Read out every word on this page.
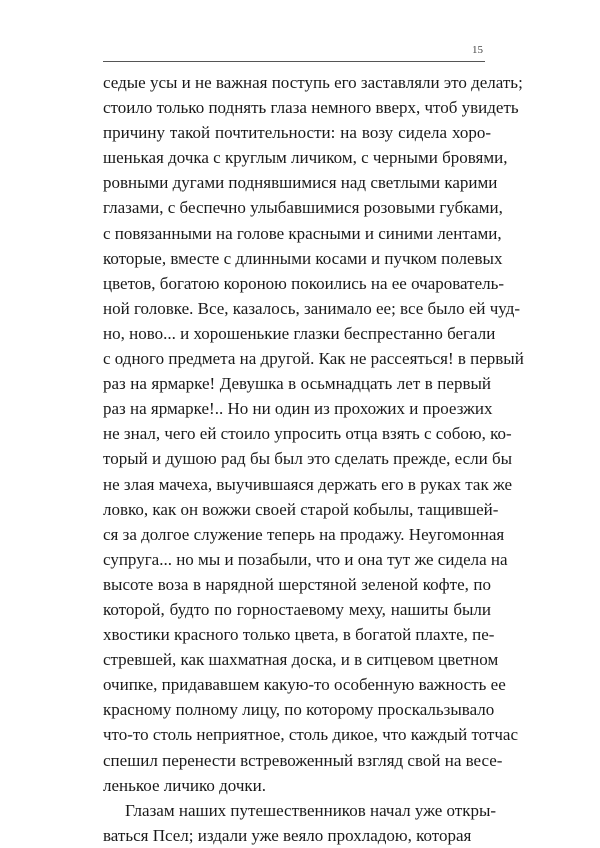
15
седые усы и не важная поступь его заставляли это делать;
стоило только поднять глаза немного вверх, чтоб увидеть
причину такой почтительности: на возу сидела хоро-
шенькая дочка с круглым личиком, с черными бровями,
ровными дугами поднявшимися над светлыми карими
глазами, с беспечно улыбавшимися розовыми губками,
с повязанными на голове красными и синими лентами,
которые, вместе с длинными косами и пучком полевых
цветов, богатою короною покоились на ее очарователь-
ной головке. Все, казалось, занимало ее; все было ей чуд-
но, ново... и хорошенькие глазки беспрестанно бегали
с одного предмета на другой. Как не рассеяться! в первый
раз на ярмарке! Девушка в осьмнадцать лет в первый
раз на ярмарке!.. Но ни один из прохожих и проезжих
не знал, чего ей стоило упросить отца взять с собою, ко-
торый и душою рад бы был это сделать прежде, если бы
не злая мачеха, выучившаяся держать его в руках так же
ловко, как он вожжи своей старой кобылы, тащившей-
ся за долгое служение теперь на продажу. Неугомонная
супруга... но мы и позабыли, что и она тут же сидела на
высоте воза в нарядной шерстяной зеленой кофте, по
которой, будто по горностаевому меху, нашиты были
хвостики красного только цвета, в богатой плахте, пе-
стревшей, как шахматная доска, и в ситцевом цветном
очипке, придававшем какую-то особенную важность ее
красному полному лицу, по которому проскальзывало
что-то столь неприятное, столь дикое, что каждый тотчас
спешил перенести встревоженный взгляд свой на весе-
ленькое личико дочки.
Глазам наших путешественников начал уже откры-
ваться Псел; издали уже веяло прохладою, которая
